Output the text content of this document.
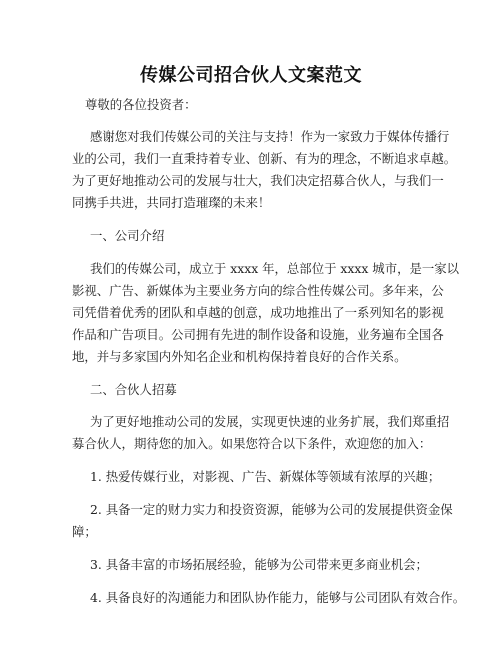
传媒公司招合伙人文案范文
尊敬的各位投资者：
感谢您对我们传媒公司的关注与支持！作为一家致力于媒体传播行
业的公司，我们一直秉持着专业、创新、有为的理念，不断追求卓越。
为了更好地推动公司的发展与壮大，我们决定招募合伙人，与我们一
同携手共进，共同打造璀璨的未来！
一、公司介绍
我们的传媒公司，成立于 xxxx 年，总部位于 xxxx 城市，是一家以
影视、广告、新媒体为主要业务方向的综合性传媒公司。多年来，公
司凭借着优秀的团队和卓越的创意，成功地推出了一系列知名的影视
作品和广告项目。公司拥有先进的制作设备和设施，业务遍布全国各
地，并与多家国内外知名企业和机构保持着良好的合作关系。
二、合伙人招募
为了更好地推动公司的发展，实现更快速的业务扩展，我们郑重招
募合伙人，期待您的加入。如果您符合以下条件，欢迎您的加入：
1. 热爱传媒行业，对影视、广告、新媒体等领域有浓厚的兴趣；
2. 具备一定的财力实力和投资资源，能够为公司的发展提供资金保
障；
3. 具备丰富的市场拓展经验，能够为公司带来更多商业机会；
4. 具备良好的沟通能力和团队协作能力，能够与公司团队有效合作。
